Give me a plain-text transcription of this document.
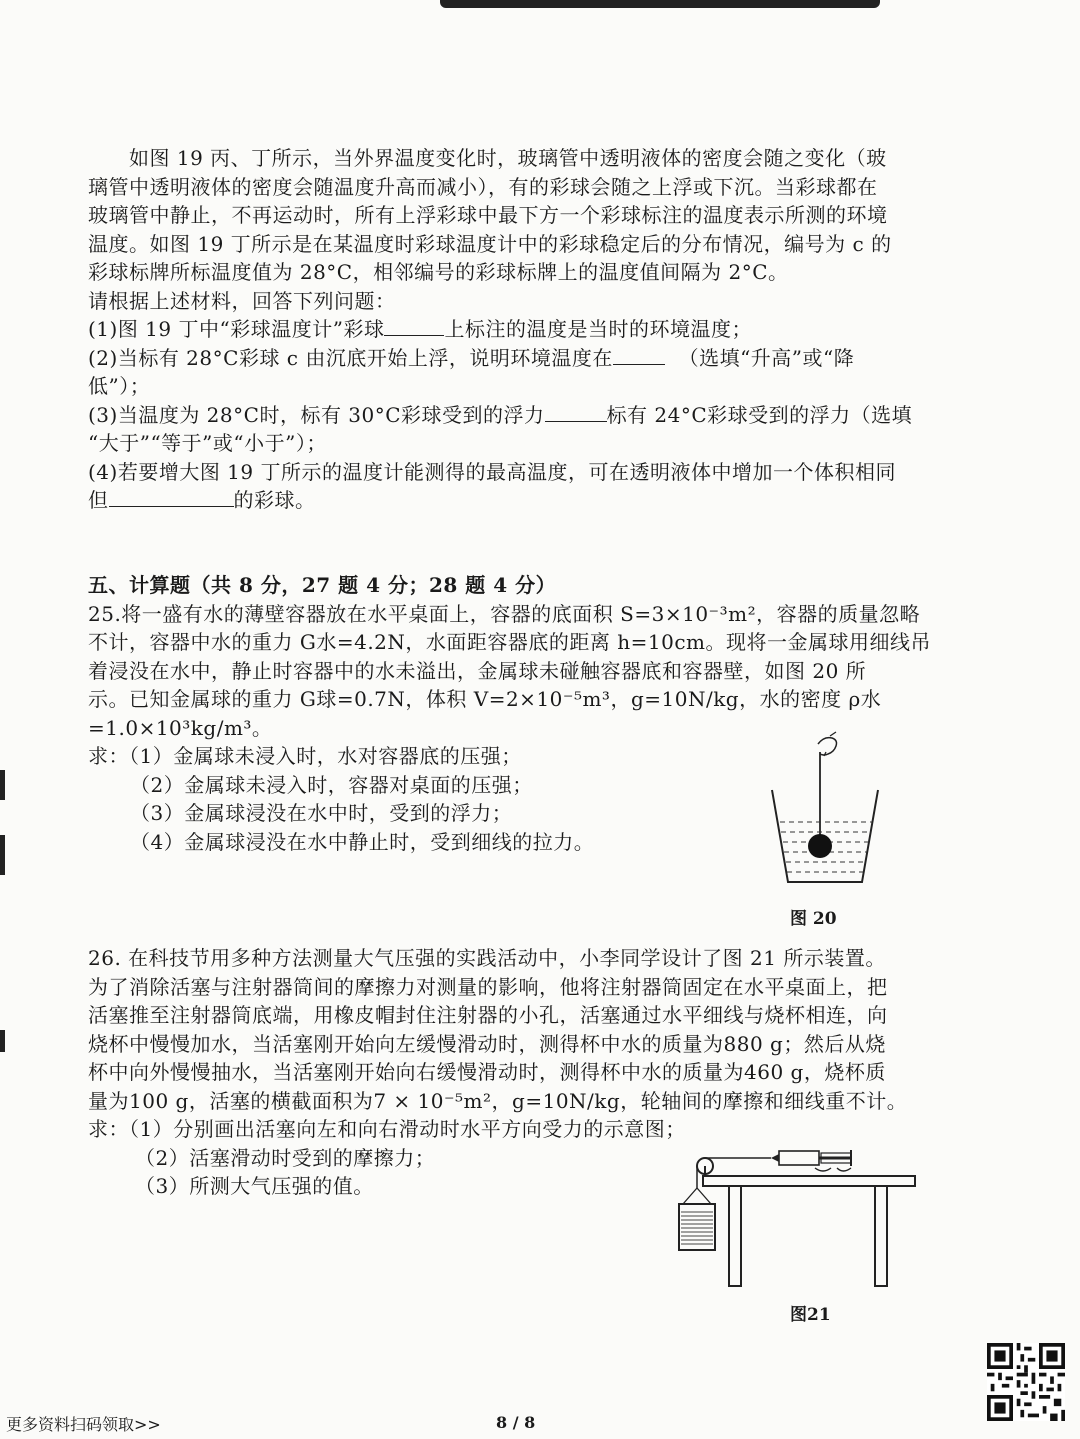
　　如图 19 丙、丁所示，当外界温度变化时，玻璃管中透明液体的密度会随之变化（玻
璃管中透明液体的密度会随温度升高而减小），有的彩球会随之上浮或下沉。当彩球都在
玻璃管中静止，不再运动时，所有上浮彩球中最下方一个彩球标注的温度表示所测的环境
温度。如图 19 丁所示是在某温度时彩球温度计中的彩球稳定后的分布情况，编号为 c 的
彩球标牌所标温度值为 28°C，相邻编号的彩球标牌上的温度值间隔为 2°C。
请根据上述材料，回答下列问题：
(1)图 19 丁中“彩球温度计”彩球	上标注的温度是当时的环境温度；
(2)当标有 28°C彩球 c 由沉底开始上浮，说明环境温度在	（选填“升高”或“降
低”）；
(3)当温度为 28°C时，标有 30°C彩球受到的浮力	标有 24°C彩球受到的浮力（选填
“大于”“等于”或“小于”）；
(4)若要增大图 19 丁所示的温度计能测得的最高温度，可在透明液体中增加一个体积相同
但	的彩球。
五、计算题（共 8 分，27 题 4 分；28 题 4 分）
25.将一盛有水的薄壁容器放在水平桌面上，容器的底面积 S=3×10⁻³m²，容器的质量忽略
不计，容器中水的重力 G水=4.2N，水面距容器底的距离 h=10cm。现将一金属球用细线吊
着浸没在水中，静止时容器中的水未溢出，金属球未碰触容器底和容器壁，如图 20 所
示。已知金属球的重力 G球=0.7N，体积 V=2×10⁻⁵m³，g=10N/kg，水的密度 ρ水
=1.0×10³kg/m³。
求：（1）金属球未浸入时，水对容器底的压强；
（2）金属球未浸入时，容器对桌面的压强；
（3）金属球浸没在水中时，受到的浮力；
（4）金属球浸没在水中静止时，受到细线的拉力。
图 20
26. 在科技节用多种方法测量大气压强的实践活动中，小李同学设计了图 21 所示装置。
为了消除活塞与注射器筒间的摩擦力对测量的影响，他将注射器筒固定在水平桌面上，把
活塞推至注射器筒底端，用橡皮帽封住注射器的小孔，活塞通过水平细线与烧杯相连，向
烧杯中慢慢加水，当活塞刚开始向左缓慢滑动时，测得杯中水的质量为880 g；然后从烧
杯中向外慢慢抽水，当活塞刚开始向右缓慢滑动时，测得杯中水的质量为460 g，烧杯质
量为100 g，活塞的横截面积为7 × 10⁻⁵m²，g=10N/kg，轮轴间的摩擦和细线重不计。
求：（1）分别画出活塞向左和向右滑动时水平方向受力的示意图；
（2）活塞滑动时受到的摩擦力；
（3）所测大气压强的值。
图21
更多资料扫码领取>>	8 / 8
